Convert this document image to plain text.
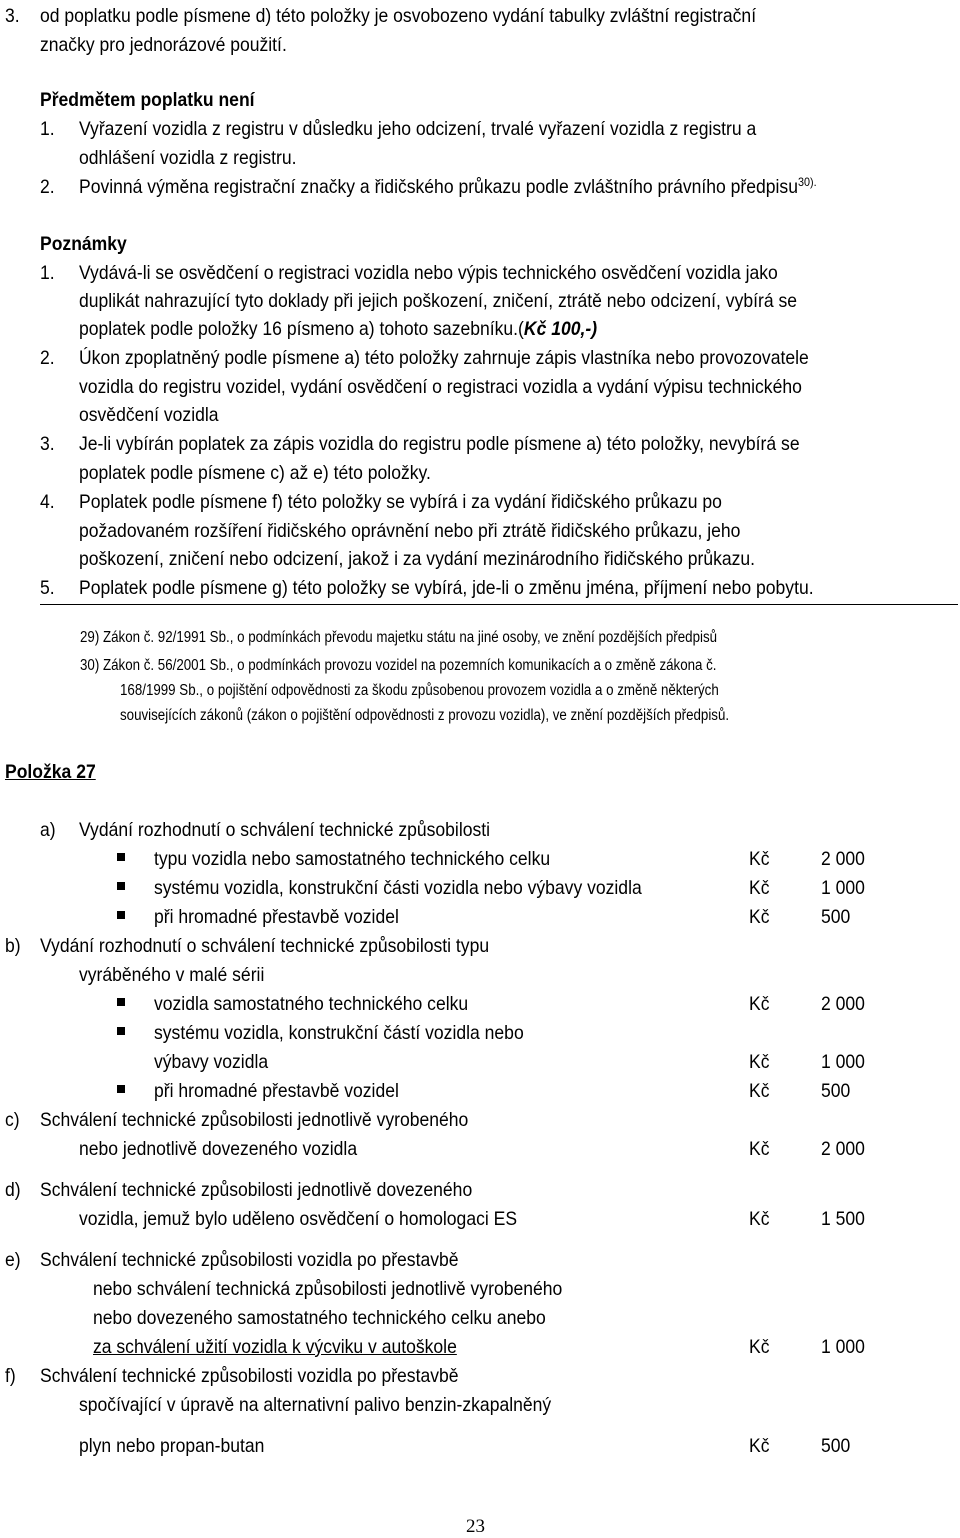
3. od poplatku podle písmene d) této položky je osvobozeno vydání tabulky zvláštní registrační
značky pro jednorázové použití.
Předmětem poplatku není
1. Vyřazení vozidla z registru v důsledku jeho odcizení, trvalé vyřazení vozidla z registru a
odhlášení vozidla z registru.
2. Povinná výměna registrační značky a řidičského průkazu podle zvláštního právního předpisu$^{30).}$
Poznámky
1. Vydává-li se osvědčení o registraci vozidla nebo výpis technického osvědčení vozidla jako
duplikát nahrazující tyto doklady při jejich poškození, zničení, ztrátě nebo odcizení, vybírá se
poplatek podle položky 16 písmeno a) tohoto sazebníku.(Kč 100,-)
2. Úkon zpoplatněný podle písmene a) této položky zahrnuje zápis vlastníka nebo provozovatele
vozidla do registru vozidel, vydání osvědčení o registraci vozidla a vydání výpisu technického
osvědčení vozidla
3. Je-li vybírán poplatek za zápis vozidla do registru podle písmene a) této položky, nevybírá se
poplatek podle písmene c) až e) této položky.
4. Poplatek podle písmene f) této položky se vybírá i za vydání řidičského průkazu po
požadovaném rozšíření řidičského oprávnění nebo při ztrátě řidičského průkazu, jeho
poškození, zničení nebo odcizení, jakož i za vydání mezinárodního řidičského průkazu.
5. Poplatek podle písmene g) této položky se vybírá, jde-li o změnu jména, příjmení nebo pobytu.
29) Zákon č. 92/1991 Sb., o podmínkách převodu majetku státu na jiné osoby, ve znění pozdějších předpisů
30) Zákon č. 56/2001 Sb., o podmínkách provozu vozidel na pozemních komunikacích a o změně zákona č.
168/1999 Sb., o pojištění odpovědnosti za škodu způsobenou provozem vozidla a o změně některých
souvisejících zákonů (zákon o pojištění odpovědnosti z provozu vozidla), ve znění pozdějších předpisů.
Položka 27
a) Vydání rozhodnutí o schválení technické způsobilosti
typu vozidla nebo samostatného technického celku	Kč	2 000
systému vozidla, konstrukční části vozidla nebo výbavy vozidla	Kč	1 000
při hromadné přestavbě vozidel	Kč	500
b) Vydání rozhodnutí o schválení technické způsobilosti typu
vyráběného v malé sérii
vozidla samostatného technického celku	Kč	2 000
systému vozidla, konstrukční částí vozidla nebo
výbavy vozidla	Kč	1 000
při hromadné přestavbě vozidel	Kč	500
c) Schválení technické způsobilosti jednotlivě vyrobeného
nebo jednotlivě dovezeného vozidla	Kč	2 000
d) Schválení technické způsobilosti jednotlivě dovezeného
vozidla, jemuž bylo uděleno osvědčení o homologaci ES	Kč	1 500
e) Schválení technické způsobilosti vozidla po přestavbě
nebo schválení technická způsobilosti jednotlivě vyrobeného
nebo dovezeného samostatného technického celku anebo
za schválení užití vozidla k výcviku v autoškole	Kč	1 000
f) Schválení technické způsobilosti vozidla po přestavbě
spočívající v úpravě na alternativní palivo benzin-zkapalněný
plyn nebo propan-butan	Kč	500
23
